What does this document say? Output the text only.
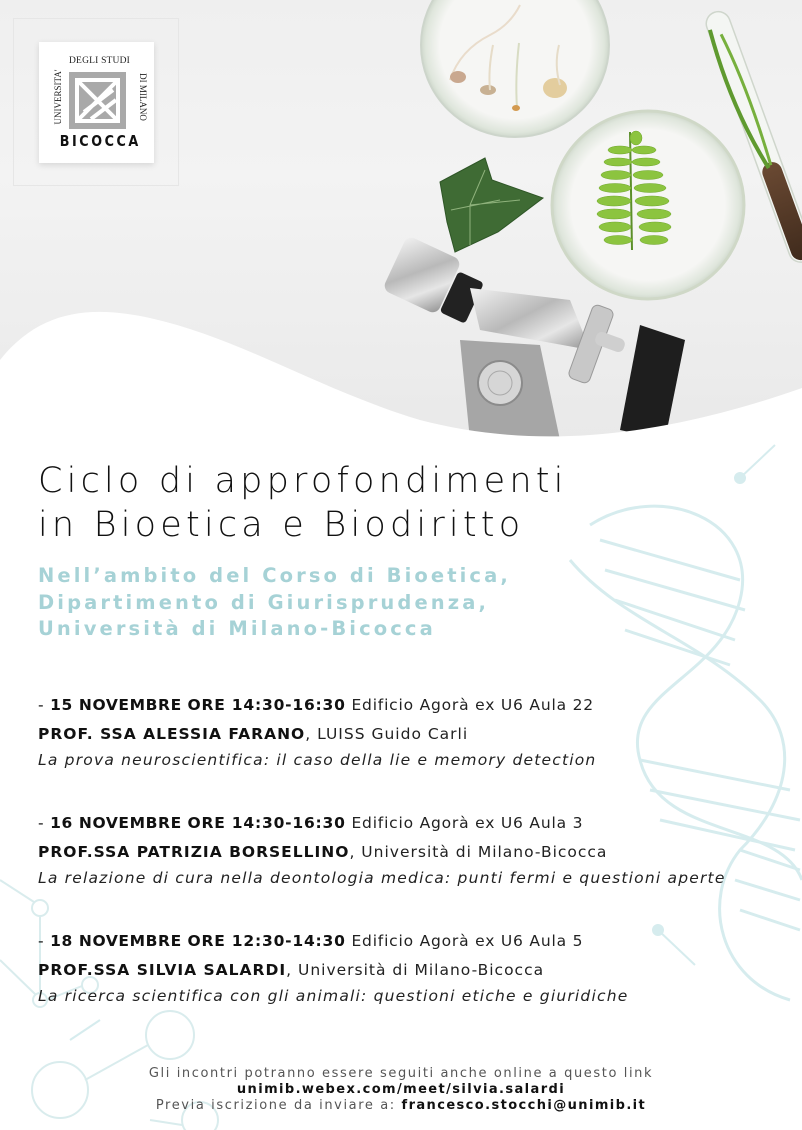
DEGLI STUDI
UNIVERSITA'	DI MILANO
BICOCCA
Ciclo di approfondimenti
in Bioetica e Biodiritto
Nell’ambito del Corso di Bioetica,
Dipartimento di Giurisprudenza,
Università di Milano-Bicocca
- 15 NOVEMBRE ORE 14:30-16:30 Edificio Agorà ex U6 Aula 22
PROF. SSA ALESSIA FARANO, LUISS Guido Carli
La prova neuroscientifica: il caso della lie e memory detection
- 16 NOVEMBRE ORE 14:30-16:30 Edificio Agorà ex U6 Aula 3
PROF.SSA PATRIZIA BORSELLINO, Università di Milano-Bicocca
La relazione di cura nella deontologia medica: punti fermi e questioni aperte
- 18 NOVEMBRE ORE 12:30-14:30 Edificio Agorà ex U6 Aula 5
PROF.SSA SILVIA SALARDI, Università di Milano-Bicocca
La ricerca scientifica con gli animali: questioni etiche e giuridiche
Gli incontri potranno essere seguiti anche online a questo link
unimib.webex.com/meet/silvia.salardi
Previa iscrizione da inviare a: francesco.stocchi@unimib.it
